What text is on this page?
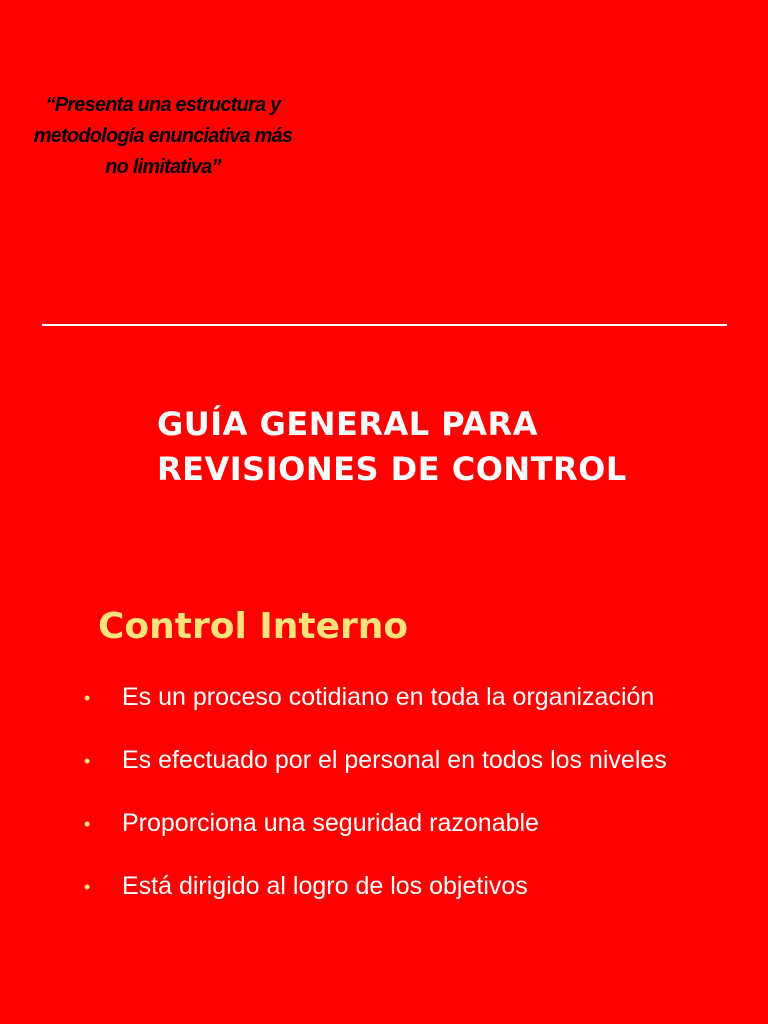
“Presenta una estructura y
metodología enunciativa más
no limitativa”
GUÍA GENERAL PARA
REVISIONES DE CONTROL
Control Interno
• Es un proceso cotidiano en toda la organización
• Es efectuado por el personal en todos los niveles
• Proporciona una seguridad razonable
• Está dirigido al logro de los objetivos
